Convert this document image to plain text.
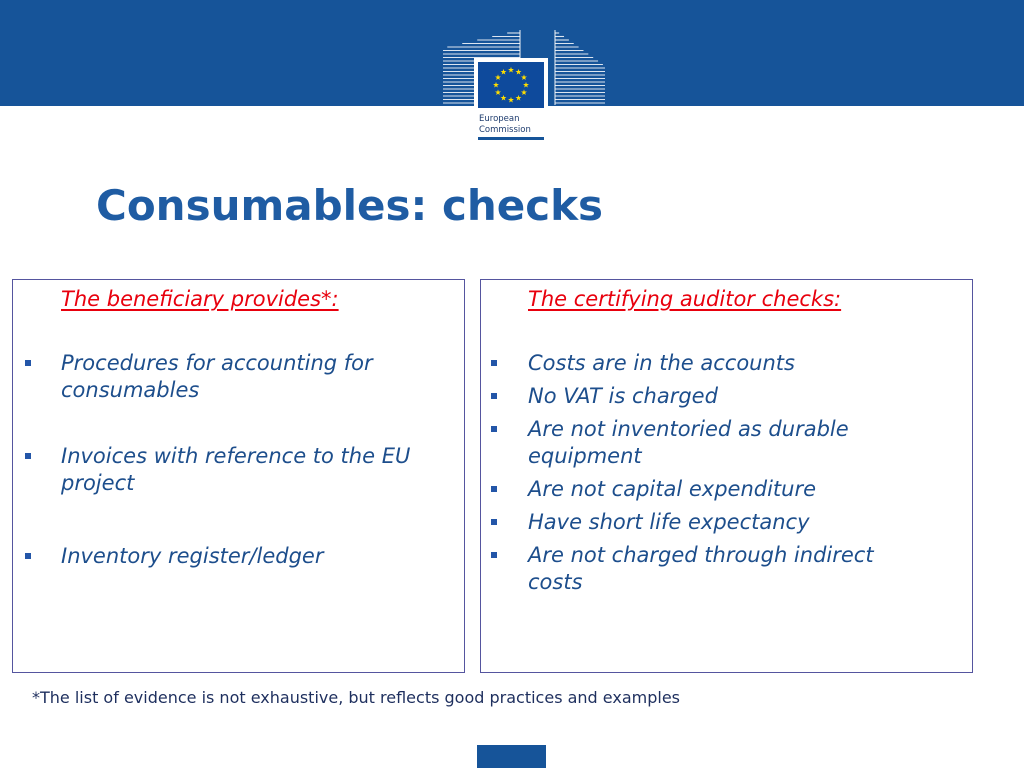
European
Commission
Consumables: checks

The beneficiary provides*:

Procedures for accounting for consumables
Invoices with reference to the EU project
Inventory register/ledger

The certifying auditor checks:

Costs are in the accounts
No VAT is charged
Are not inventoried as durable equipment
Are not capital expenditure
Have short life expectancy
Are not charged through indirect costs

*The list of evidence is not exhaustive, but reflects good practices and examples
